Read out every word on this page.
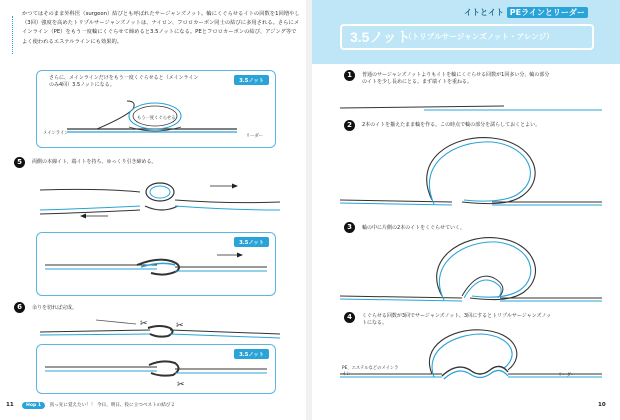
かつてはそのまま外科医（surgeon）結びとも呼ばれたサージャンズノット。輪にくぐらせるイトの回数を1回増やし（3回）強度を高めたトリプルサージャンズノットは、ナイロン、フロロカーボン同士の結びに多用される。さらにメインライン（PE）をもう一度輪にくぐらせて締めると3.5ノットになる。PEとフロロカーボンの結び、アジング等でよく使われるエステルラインにも効果的。
さらに、メインラインだけをもう一度くぐらせると（メインラインのみ4回）3.5ノットになる。
3.5ノット
もう一度くぐらせる
メインライン
リーダー
5	両側の本線イト、端イトを持ち、ゆっくり引き締める。
3.5ノット
6	余りを切れば完成。
✂	✂
3.5ノット
✂
11	Hop 1 真っ先に覚えたい！！ 今日、明日、役に立つベストの結び２
イトとイト PEラインとリーダー
3.5ノット
（トリプルサージャンズノット・アレンジ）
1	普通のサージャンズノットよりもイトを輪にくぐらせる回数が1回多い分、輪の部分のイトを少し長めにとる。まず端イトを重ねる。
2	2本のイトを揃えたまま輪を作る。この時点で輪の部分を濡らしておくとよい。
3	輪の中に片側の2本のイトをくぐらせていく。
4	くぐらせる回数が3回でサージャンズノット、3回にするとトリプルサージャンズノットになる。
PE、エステルなどのメインライン	リーダー
10
